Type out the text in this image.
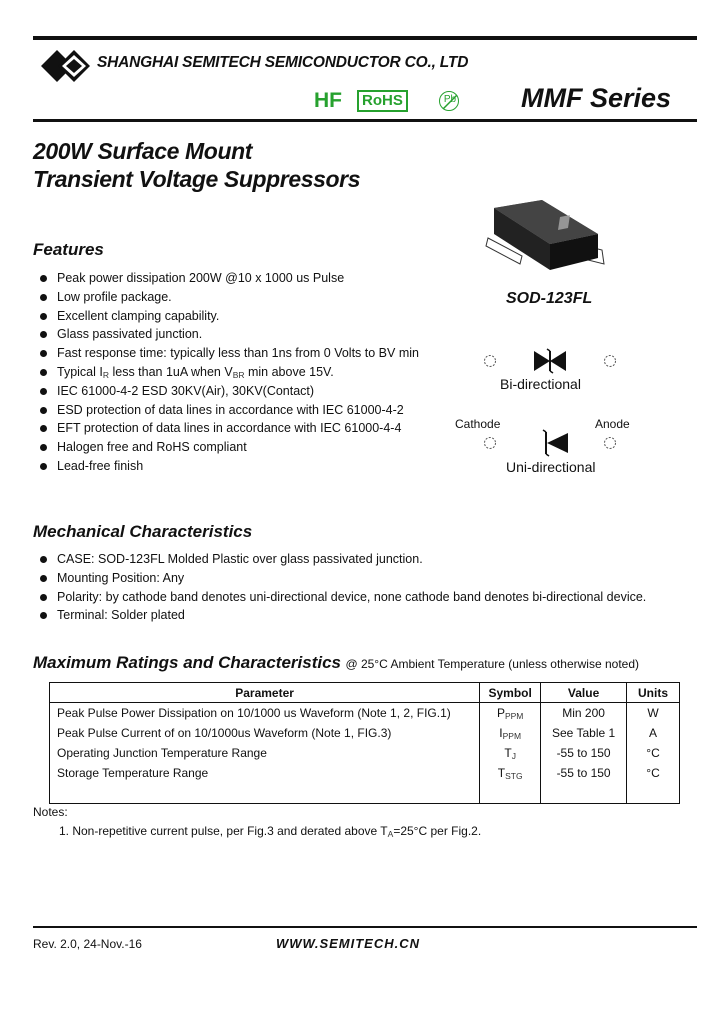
SHANGHAI SEMITECH SEMICONDUCTOR CO., LTD
HF	RoHS	Pb MMF Series
200W Surface Mount
Transient Voltage Suppressors
SOD-123FL
Bi-directional
Cathode	Anode
Uni-directional
Features
Peak power dissipation 200W @10 x 1000 us Pulse
Low profile package.
Excellent clamping capability.
Glass passivated junction.
Fast response time: typically less than 1ns from 0 Volts to BV min
Typical $I_R$ less than 1uA when $V_{BR}$ min above 15V.
IEC 61000-4-2 ESD 30KV(Air), 30KV(Contact)
ESD protection of data lines in accordance with IEC 61000-4-2
EFT protection of data lines in accordance with IEC 61000-4-4
Halogen free and RoHS compliant
Lead-free finish
Mechanical Characteristics
CASE: SOD-123FL Molded Plastic over glass passivated junction.
Mounting Position: Any
Polarity: by cathode band denotes uni-directional device, none cathode band denotes bi-directional device.
Terminal: Solder plated
Maximum Ratings and Characteristics @ 25°C Ambient Temperature (unless otherwise noted)
Parameter	Symbol	Value	Units
Peak Pulse Power Dissipation on 10/1000 us Waveform (Note 1, 2, FIG.1)	$P_{PPM}$	Min 200	W
Peak Pulse Current of on 10/1000us Waveform (Note 1, FIG.3)	$I_{PPM}$	See Table 1	A
Operating Junction Temperature Range	$T_J$	-55 to 150	°C
Storage Temperature Range	$T_{STG}$	-55 to 150	°C

Notes:
1. Non-repetitive current pulse, per Fig.3 and derated above $T_A=25^\circ C$ per Fig.2.
Rev. 2.0, 24-Nov.-16	WWW.SEMITECH.CN
